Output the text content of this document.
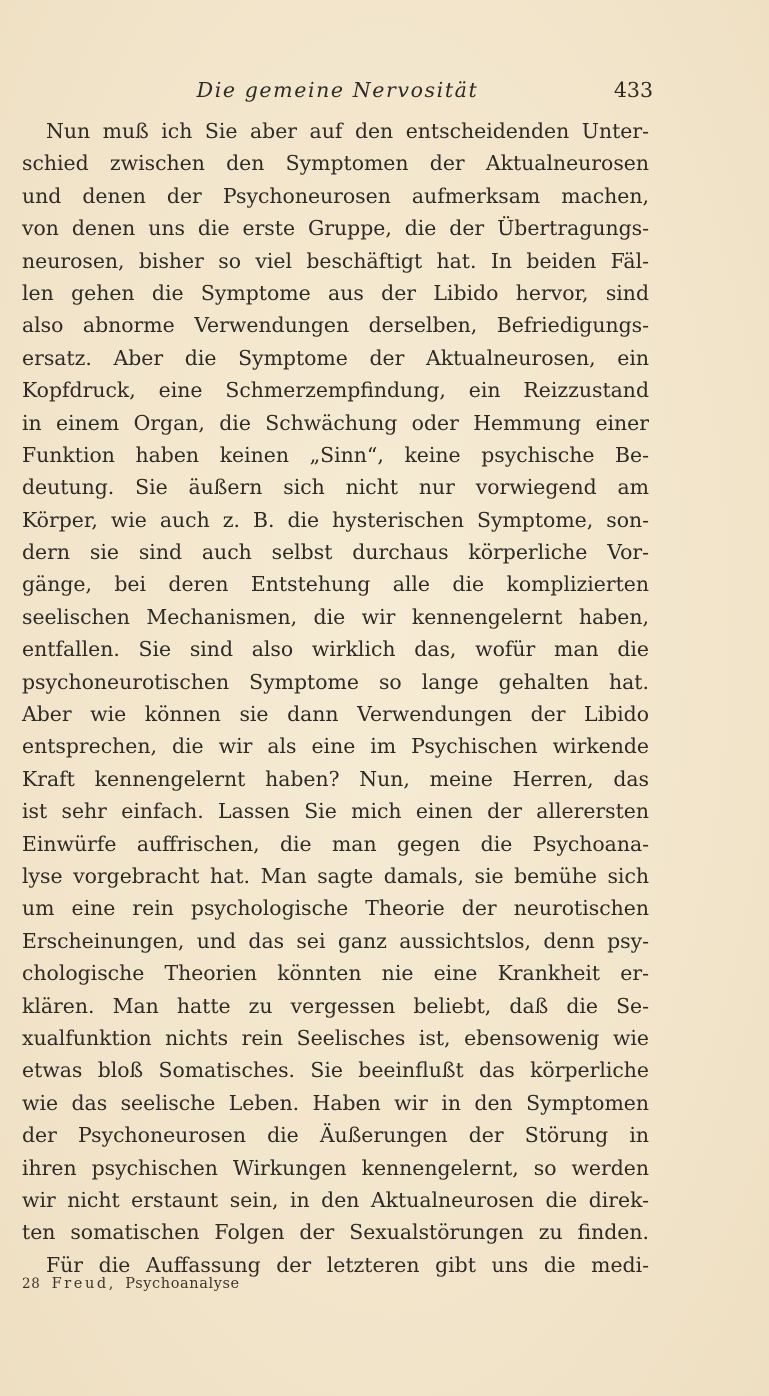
Die gemeine Nervosität	433
Nun muß ich Sie aber auf den entscheidenden Unter-
schied zwischen den Symptomen der Aktualneurosen
und denen der Psychoneurosen aufmerksam machen,
von denen uns die erste Gruppe, die der Übertragungs-
neurosen, bisher so viel beschäftigt hat. In beiden Fäl-
len gehen die Symptome aus der Libido hervor, sind
also abnorme Verwendungen derselben, Befriedigungs-
ersatz. Aber die Symptome der Aktualneurosen, ein
Kopfdruck, eine Schmerzempfindung, ein Reizzustand
in einem Organ, die Schwächung oder Hemmung einer
Funktion haben keinen „Sinn“, keine psychische Be-
deutung. Sie äußern sich nicht nur vorwiegend am
Körper, wie auch z. B. die hysterischen Symptome, son-
dern sie sind auch selbst durchaus körperliche Vor-
gänge, bei deren Entstehung alle die komplizierten
seelischen Mechanismen, die wir kennengelernt haben,
entfallen. Sie sind also wirklich das, wofür man die
psychoneurotischen Symptome so lange gehalten hat.
Aber wie können sie dann Verwendungen der Libido
entsprechen, die wir als eine im Psychischen wirkende
Kraft kennengelernt haben? Nun, meine Herren, das
ist sehr einfach. Lassen Sie mich einen der allerersten
Einwürfe auffrischen, die man gegen die Psychoana-
lyse vorgebracht hat. Man sagte damals, sie bemühe sich
um eine rein psychologische Theorie der neurotischen
Erscheinungen, und das sei ganz aussichtslos, denn psy-
chologische Theorien könnten nie eine Krankheit er-
klären. Man hatte zu vergessen beliebt, daß die Se-
xualfunktion nichts rein Seelisches ist, ebensowenig wie
etwas bloß Somatisches. Sie beeinflußt das körperliche
wie das seelische Leben. Haben wir in den Symptomen
der Psychoneurosen die Äußerungen der Störung in
ihren psychischen Wirkungen kennengelernt, so werden
wir nicht erstaunt sein, in den Aktualneurosen die direk-
ten somatischen Folgen der Sexualstörungen zu finden.
Für die Auffassung der letzteren gibt uns die medi-
28 Freud, Psychoanalyse
